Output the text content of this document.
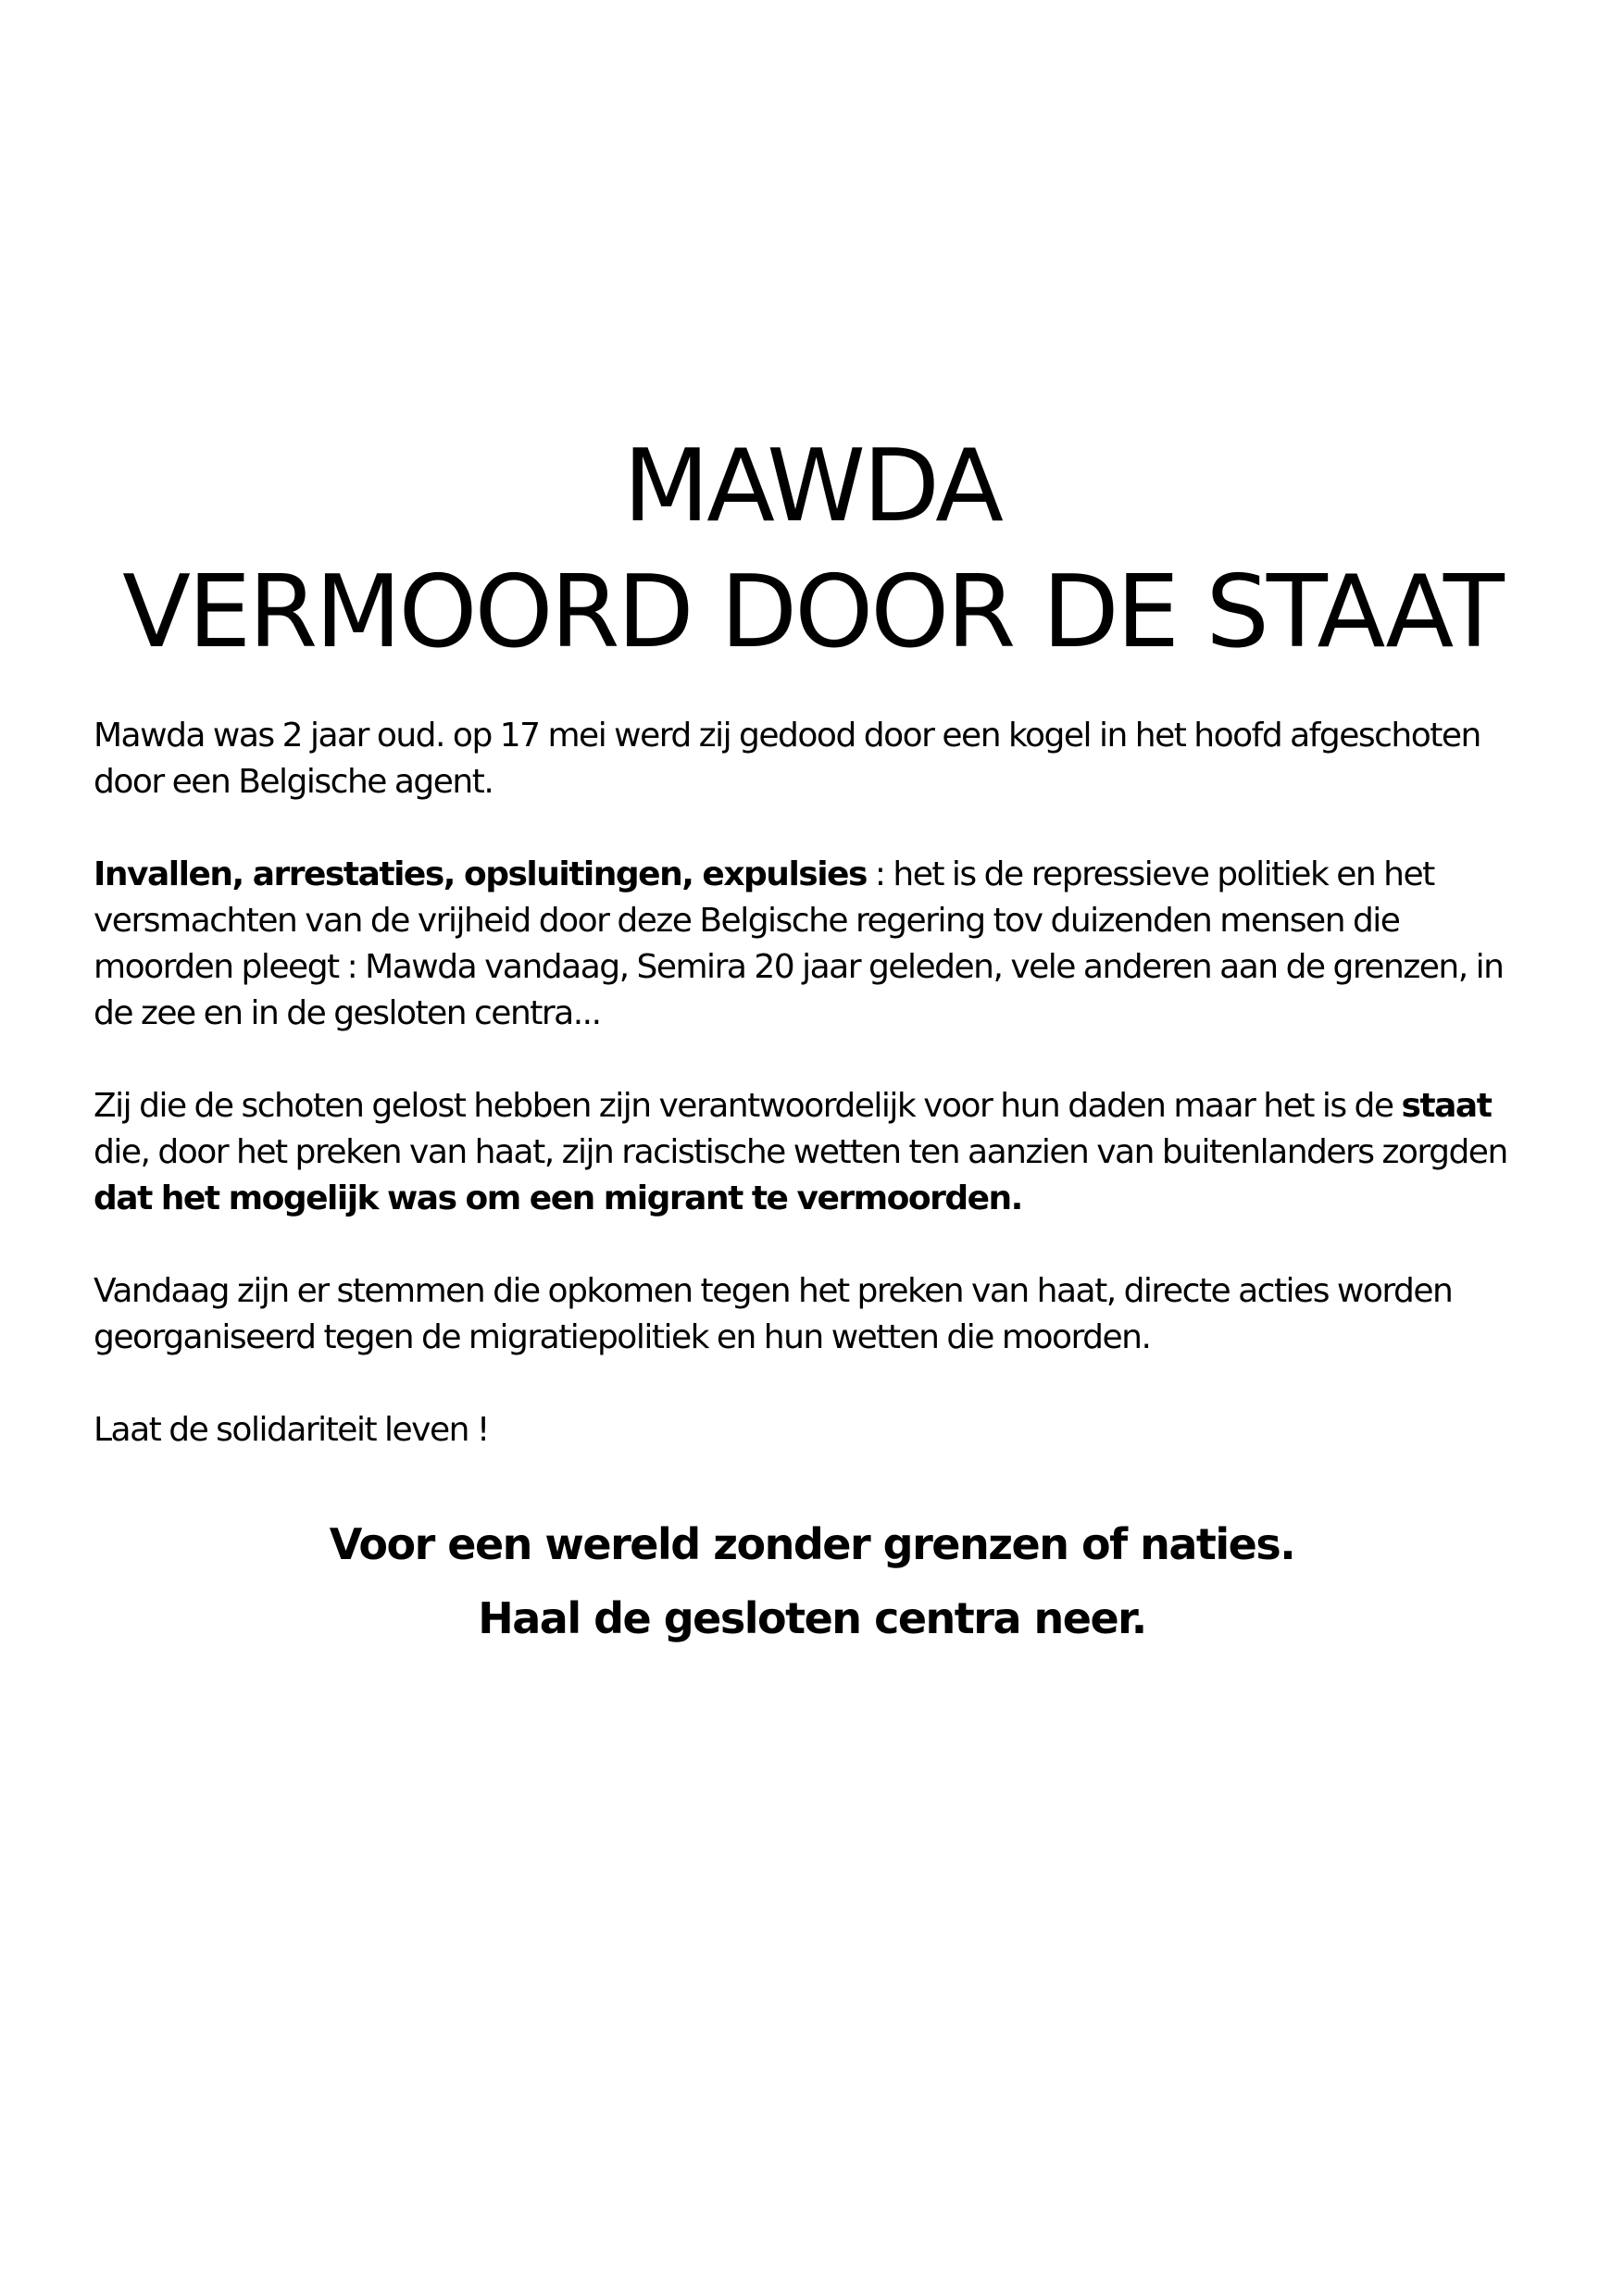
MAWDA
VERMOORD DOOR DE STAAT

Mawda was 2 jaar oud. op 17 mei werd zij gedood door een kogel in het hoofd afgeschoten door een Belgische agent.

Invallen, arrestaties, opsluitingen, expulsies : het is de repressieve politiek en het versmachten van de vrijheid door deze Belgische regering tov duizenden mensen die moorden pleegt : Mawda vandaag, Semira 20 jaar geleden, vele anderen aan de grenzen, in de zee en in de gesloten centra...

Zij die de schoten gelost hebben zijn verantwoordelijk voor hun daden maar het is de staat die, door het preken van haat, zijn racistische wetten ten aanzien van buitenlanders zorgden dat het mogelijk was om een migrant te vermoorden.

Vandaag zijn er stemmen die opkomen tegen het preken van haat, directe acties worden georganiseerd tegen de migratiepolitiek en hun wetten die moorden.

Laat de solidariteit leven !

Voor een wereld zonder grenzen of naties.
Haal de gesloten centra neer.
